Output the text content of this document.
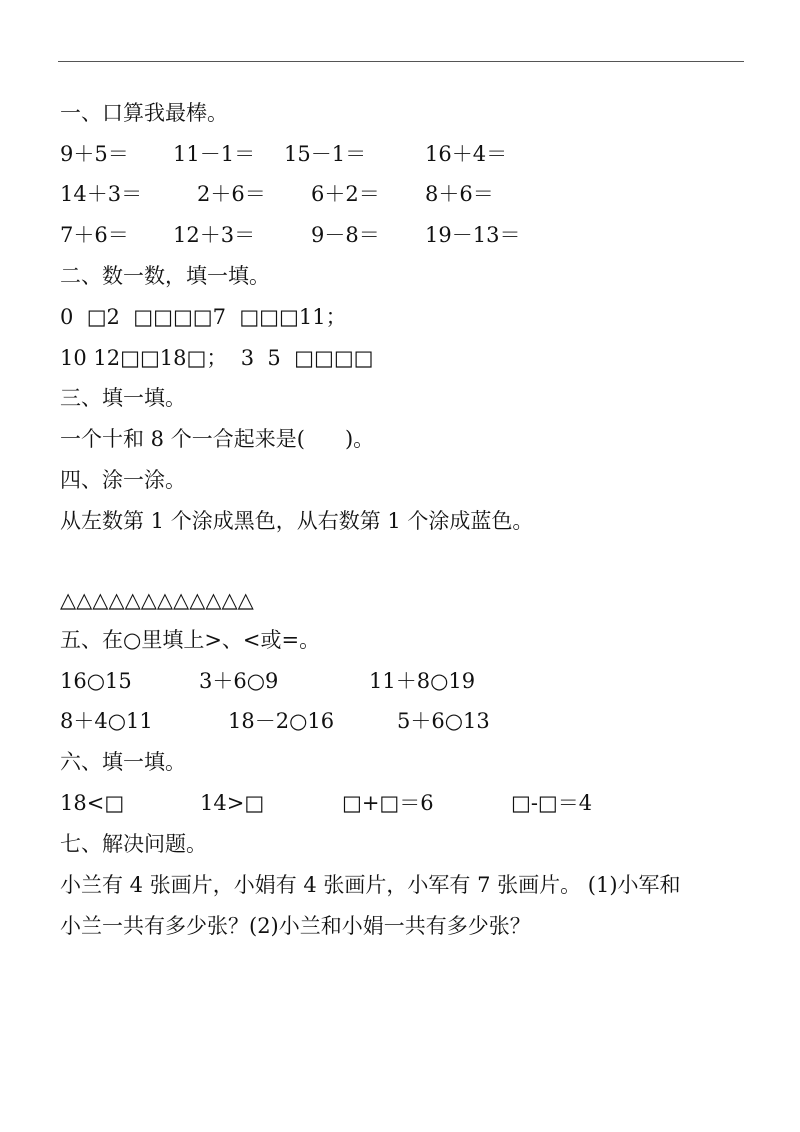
一、口算我最棒。
9＋5＝ 11－1＝ 15－1＝	16＋4＝
14＋3＝	2＋6＝ 6＋2＝ 8＋6＝
7＋6＝ 12＋3＝	9－8＝ 19－13＝
二、数一数，填一填。
0  □2  □□□□7  □□□11；
10 12□□18□；  3  5  □□□□
三、填一填。
一个十和 8 个一合起来是(      )。
四、涂一涂。
从左数第 1 个涂成黑色，从右数第 1 个涂成蓝色。
△△△△△△△△△△△△
五、在○里填上>、<或=。
16○15	3＋6○9	11＋8○19
8＋4○11	18－2○16	5＋6○13
六、填一填。
18<□	14>□	□+□＝6	□-□＝4
七、解决问题。
小兰有 4 张画片，小娟有 4 张画片，小军有 7 张画片。 (1)小军和
小兰一共有多少张？(2)小兰和小娟一共有多少张？
